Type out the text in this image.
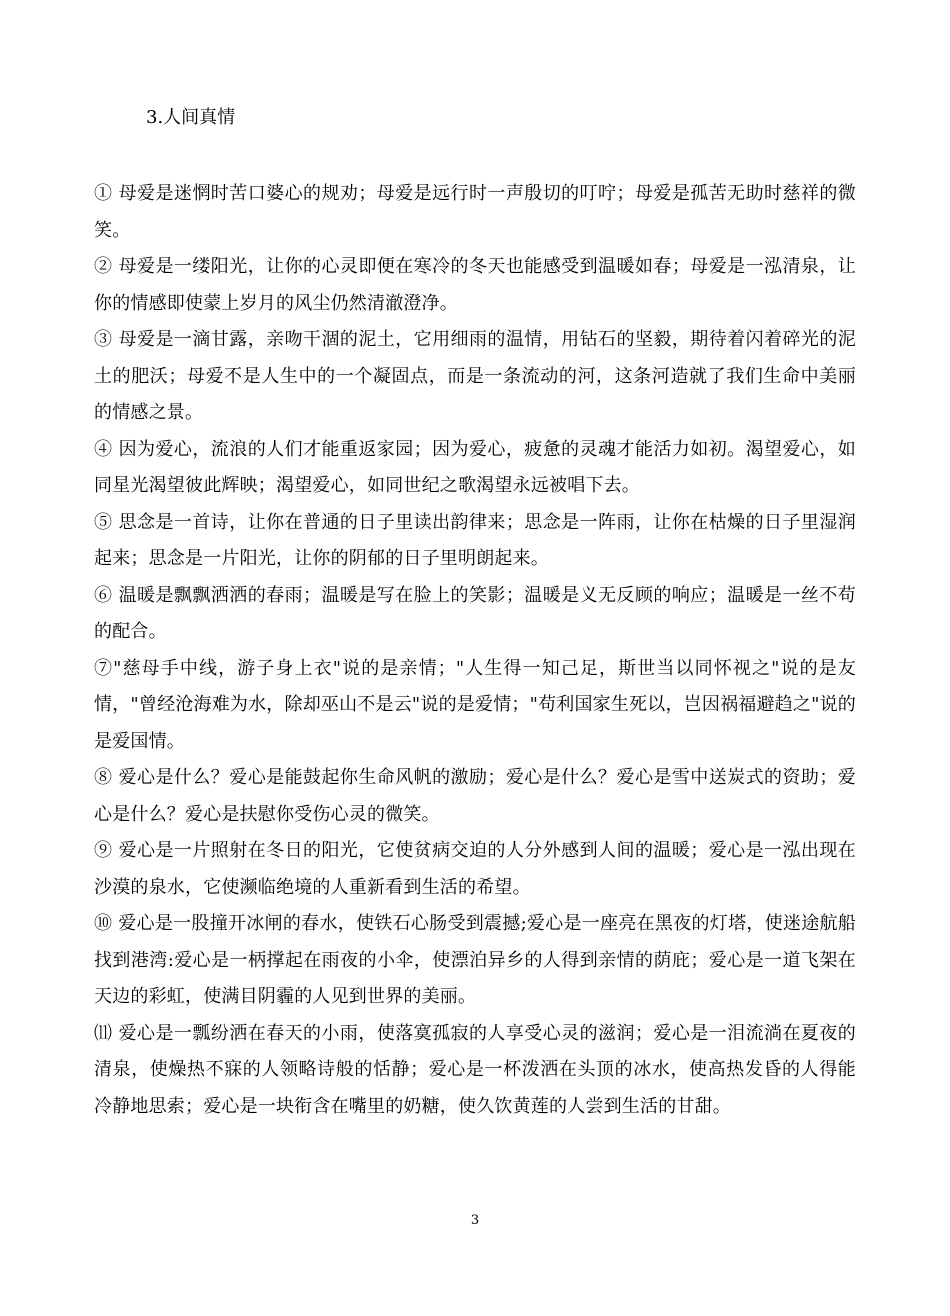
3.人间真情

① 母爱是迷惘时苦口婆心的规劝；母爱是远行时一声殷切的叮咛；母爱是孤苦无助时慈祥的微笑。

② 母爱是一缕阳光，让你的心灵即便在寒冷的冬天也能感受到温暖如春；母爱是一泓清泉，让你的情感即使蒙上岁月的风尘仍然清澈澄净。

③ 母爱是一滴甘露，亲吻干涸的泥土，它用细雨的温情，用钻石的坚毅，期待着闪着碎光的泥土的肥沃；母爱不是人生中的一个凝固点，而是一条流动的河，这条河造就了我们生命中美丽的情感之景。

④ 因为爱心，流浪的人们才能重返家园；因为爱心，疲惫的灵魂才能活力如初。渴望爱心，如同星光渴望彼此辉映；渴望爱心，如同世纪之歌渴望永远被唱下去。

⑤ 思念是一首诗，让你在普通的日子里读出韵律来；思念是一阵雨，让你在枯燥的日子里湿润起来；思念是一片阳光，让你的阴郁的日子里明朗起来。

⑥ 温暖是飘飘洒洒的春雨；温暖是写在脸上的笑影；温暖是义无反顾的响应；温暖是一丝不苟的配合。

⑦"慈母手中线，游子身上衣"说的是亲情；"人生得一知己足，斯世当以同怀视之"说的是友情，"曾经沧海难为水，除却巫山不是云"说的是爱情；"苟利国家生死以，岂因祸福避趋之"说的是爱国情。

⑧ 爱心是什么？爱心是能鼓起你生命风帆的激励；爱心是什么？爱心是雪中送炭式的资助；爱心是什么？爱心是扶慰你受伤心灵的微笑。

⑨ 爱心是一片照射在冬日的阳光，它使贫病交迫的人分外感到人间的温暖；爱心是一泓出现在沙漠的泉水，它使濒临绝境的人重新看到生活的希望。

⑩ 爱心是一股撞开冰闸的春水，使铁石心肠受到震撼;爱心是一座亮在黑夜的灯塔，使迷途航船找到港湾:爱心是一柄撑起在雨夜的小伞，使漂泊异乡的人得到亲情的荫庇；爱心是一道飞架在天边的彩虹，使满目阴霾的人见到世界的美丽。

⑾ 爱心是一瓢纷洒在春天的小雨，使落寞孤寂的人享受心灵的滋润；爱心是一泪流淌在夏夜的清泉，使燥热不寐的人领略诗般的恬静；爱心是一杯泼洒在头顶的冰水，使高热发昏的人得能冷静地思索；爱心是一块衔含在嘴里的奶糖，使久饮黄莲的人尝到生活的甘甜。

3
